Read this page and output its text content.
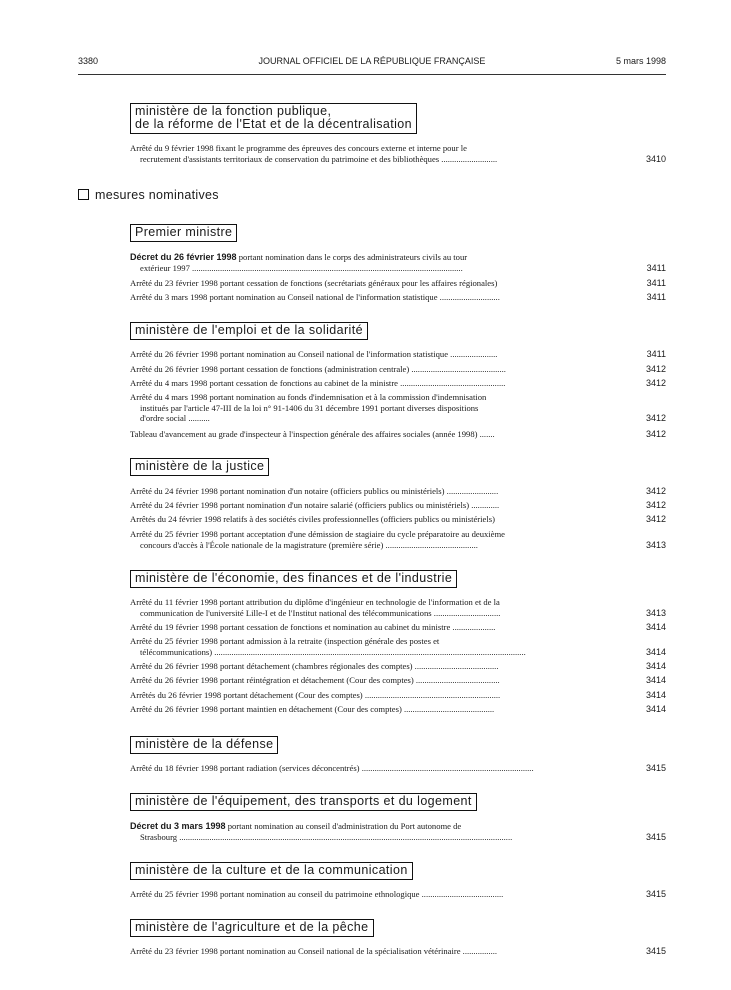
3380	JOURNAL OFFICIEL DE LA RÉPUBLIQUE FRANÇAISE	5 mars 1998
ministère de la fonction publique,
de la réforme de l'Etat et de la décentralisation
Arrêté du 9 février 1998 fixant le programme des épreuves des concours externe et interne pour le
recrutement d'assistants territoriaux de conservation du patrimoine et des bibliothèques ..........................	3410
mesures nominatives
Premier ministre
Décret du 26 février 1998 portant nomination dans le corps des administrateurs civils au tour
extérieur 1997 ..............................................................................................................................	3411
Arrêté du 23 février 1998 portant cessation de fonctions (secrétariats généraux pour les affaires régionales)	3411
Arrêté du 3 mars 1998 portant nomination au Conseil national de l'information statistique ............................	3411
ministère de l'emploi et de la solidarité
Arrêté du 26 février 1998 portant nomination au Conseil national de l'information statistique ......................	3411
Arrêté du 26 février 1998 portant cessation de fonctions (administration centrale) ............................................	3412
Arrêté du 4 mars 1998 portant cessation de fonctions au cabinet de la ministre .................................................	3412
Arrêté du 4 mars 1998 portant nomination au fonds d'indemnisation et à la commission d'indemnisation
institués par l'article 47-III de la loi n° 91-1406 du 31 décembre 1991 portant diverses dispositions
d'ordre social ..........	3412
Tableau d'avancement au grade d'inspecteur à l'inspection générale des affaires sociales (année 1998) .......	3412
ministère de la justice
Arrêté du 24 février 1998 portant nomination d'un notaire (officiers publics ou ministériels) ........................	3412
Arrêté du 24 février 1998 portant nomination d'un notaire salarié (officiers publics ou ministériels) .............	3412
Arrêtés du 24 février 1998 relatifs à des sociétés civiles professionnelles (officiers publics ou ministériels)	3412
Arrêté du 25 février 1998 portant acceptation d'une démission de stagiaire du cycle préparatoire au deuxième
concours d'accès à l'École nationale de la magistrature (première série) ...........................................	3413
ministère de l'économie, des finances et de l'industrie
Arrêté du 11 février 1998 portant attribution du diplôme d'ingénieur en technologie de l'information et de la
communication de l'université Lille-I et de l'Institut national des télécommunications ...............................	3413
Arrêté du 19 février 1998 portant cessation de fonctions et nomination au cabinet du ministre ....................	3414
Arrêté du 25 février 1998 portant admission à la retraite (inspection générale des postes et
télécommunications) .................................................................................................................................................	3414
Arrêté du 26 février 1998 portant détachement (chambres régionales des comptes) .......................................	3414
Arrêté du 26 février 1998 portant réintégration et détachement (Cour des comptes) .......................................	3414
Arrêtés du 26 février 1998 portant détachement (Cour des comptes) ...............................................................	3414
Arrêté du 26 février 1998 portant maintien en détachement (Cour des comptes) ..........................................	3414
ministère de la défense
Arrêté du 18 février 1998 portant radiation (services déconcentrés) ................................................................................	3415
ministère de l'équipement, des transports et du logement
Décret du 3 mars 1998 portant nomination au conseil d'administration du Port autonome de
Strasbourg ...........................................................................................................................................................	3415
ministère de la culture et de la communication
Arrêté du 25 février 1998 portant nomination au conseil du patrimoine ethnologique ......................................	3415
ministère de l'agriculture et de la pêche
Arrêté du 23 février 1998 portant nomination au Conseil national de la spécialisation vétérinaire ................	3415
